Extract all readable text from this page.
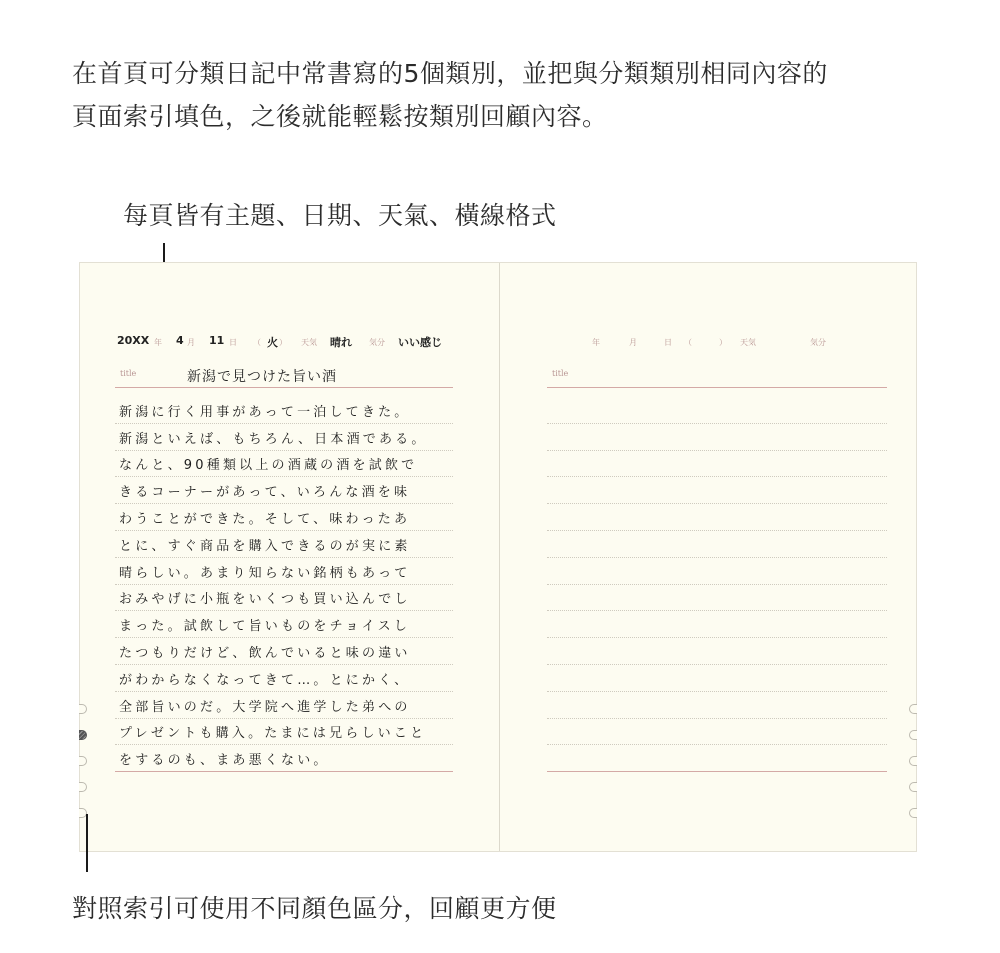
在首頁可分類日記中常書寫的5個類別，並把與分類類別相同內容的
頁面索引填色，之後就能輕鬆按類別回顧內容。

每頁皆有主題、日期、天氣、橫線格式
20XX 年 4 月 11 日 （ 火 ） 天気 晴れ 気分 いい感じ
title	新潟で見つけた旨い酒
新潟に行く用事があって一泊してきた。
新潟といえば、もちろん、日本酒である。
なんと、90種類以上の酒蔵の酒を試飲で
きるコーナーがあって、いろんな酒を味
わうことができた。そして、味わったあ
とに、すぐ商品を購入できるのが実に素
晴らしい。あまり知らない銘柄もあって
おみやげに小瓶をいくつも買い込んでし
まった。試飲して旨いものをチョイスし
たつもりだけど、飲んでいると味の違い
がわからなくなってきて…。とにかく、
全部旨いのだ。大学院へ進学した弟への
プレゼントも購入。たまには兄らしいこと
をするのも、まあ悪くない。
年	月	日 （	） 天気	気分
title
對照索引可使用不同顏色區分，回顧更方便
